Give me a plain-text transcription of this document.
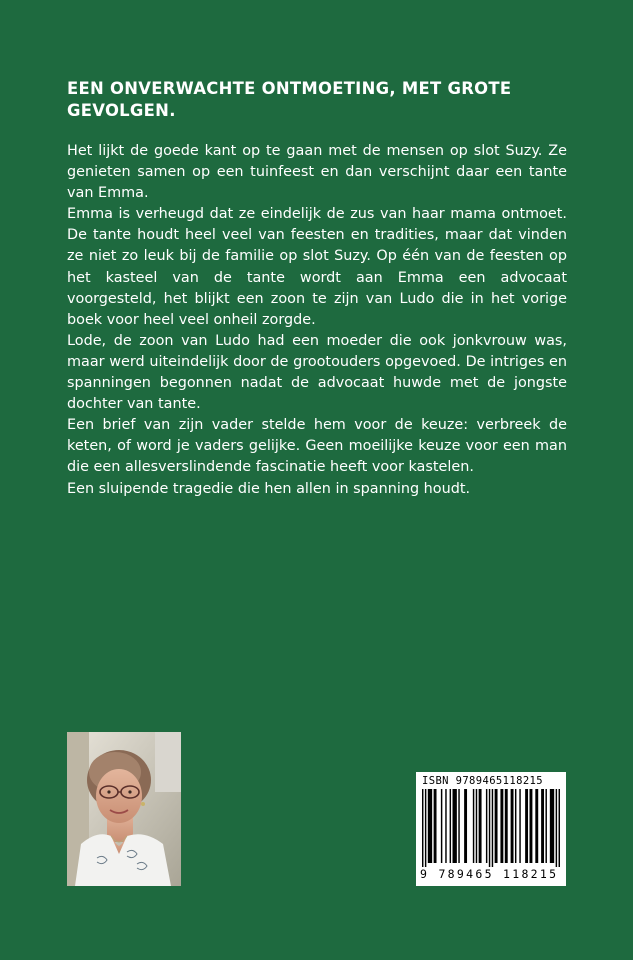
EEN ONVERWACHTE ONTMOETING, MET GROTE GEVOLGEN.

Het lijkt de goede kant op te gaan met de mensen op slot Suzy. Ze genieten samen op een tuinfeest en dan verschijnt daar een tante van Emma.

Emma is verheugd dat ze eindelijk de zus van haar mama ontmoet. De tante houdt heel veel van feesten en tradities, maar dat vinden ze niet zo leuk bij de familie op slot Suzy. Op één van de feesten op het kasteel van de tante wordt aan Emma een advocaat voorgesteld, het blijkt een zoon te zijn van Ludo die in het vorige boek voor heel veel onheil zorgde.

Lode, de zoon van Ludo had een moeder die ook jonkvrouw was, maar werd uiteindelijk door de grootouders opgevoed. De intriges en spanningen begonnen nadat de advocaat huwde met de jongste dochter van tante.

Een brief van zijn vader stelde hem voor de keuze: verbreek de keten, of word je vaders gelijke. Geen moeilijke keuze voor een man die een allesverslindende fascinatie heeft voor kastelen.

Een sluipende tragedie die hen allen in spanning houdt.

ISBN 9789465118215
9 789465 118215
